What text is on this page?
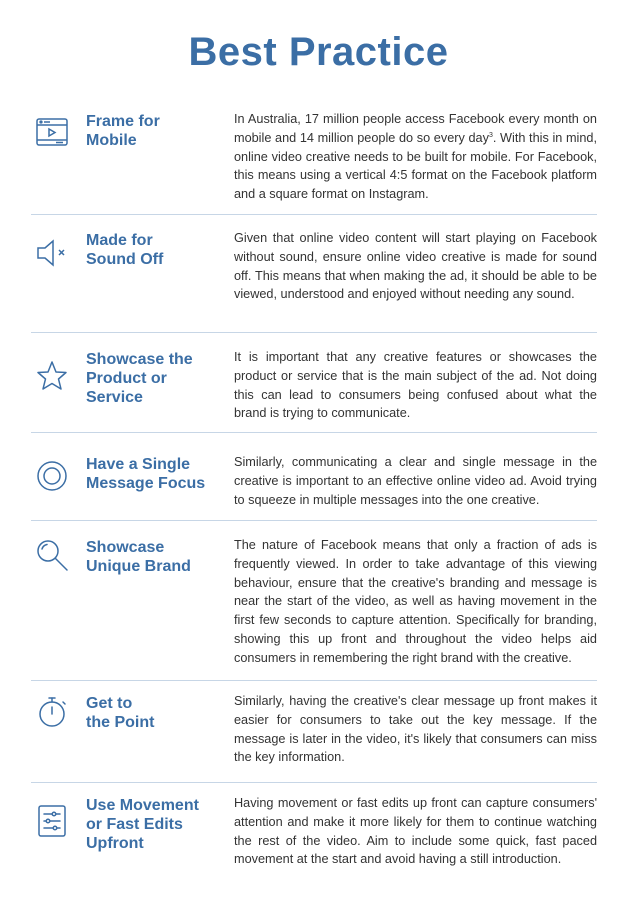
Best Practice
Frame for
Mobile
In Australia, 17 million people access Facebook every month on mobile and 14 million people do so every day$^3$. With this in mind, online video creative needs to be built for mobile. For Facebook, this means using a vertical 4:5 format on the Facebook platform and a square format on Instagram.
Made for
Sound Off
Given that online video content will start playing on Facebook without sound, ensure online video creative is made for sound off. This means that when making the ad, it should be able to be viewed, understood and enjoyed without needing any sound.
Showcase the
Product or
Service
It is important that any creative features or showcases the product or service that is the main subject of the ad. Not doing this can lead to consumers being confused about what the brand is trying to communicate.
Have a Single
Message Focus
Similarly, communicating a clear and single message in the creative is important to an effective online video ad. Avoid trying to squeeze in multiple messages into the one creative.
Showcase
Unique Brand
The nature of Facebook means that only a fraction of ads is frequently viewed. In order to take advantage of this viewing behaviour, ensure that the creative's branding and message is near the start of the video, as well as having movement in the first few seconds to capture attention. Specifically for branding, showing this up front and throughout the video helps aid consumers in remembering the right brand with the creative.
Get to
the Point
Similarly, having the creative's clear message up front makes it easier for consumers to take out the key message. If the message is later in the video, it's likely that consumers can miss the key information.
Use Movement
or Fast Edits
Upfront
Having movement or fast edits up front can capture consumers' attention and make it more likely for them to continue watching the rest of the video. Aim to include some quick, fast paced movement at the start and avoid having a still introduction.
